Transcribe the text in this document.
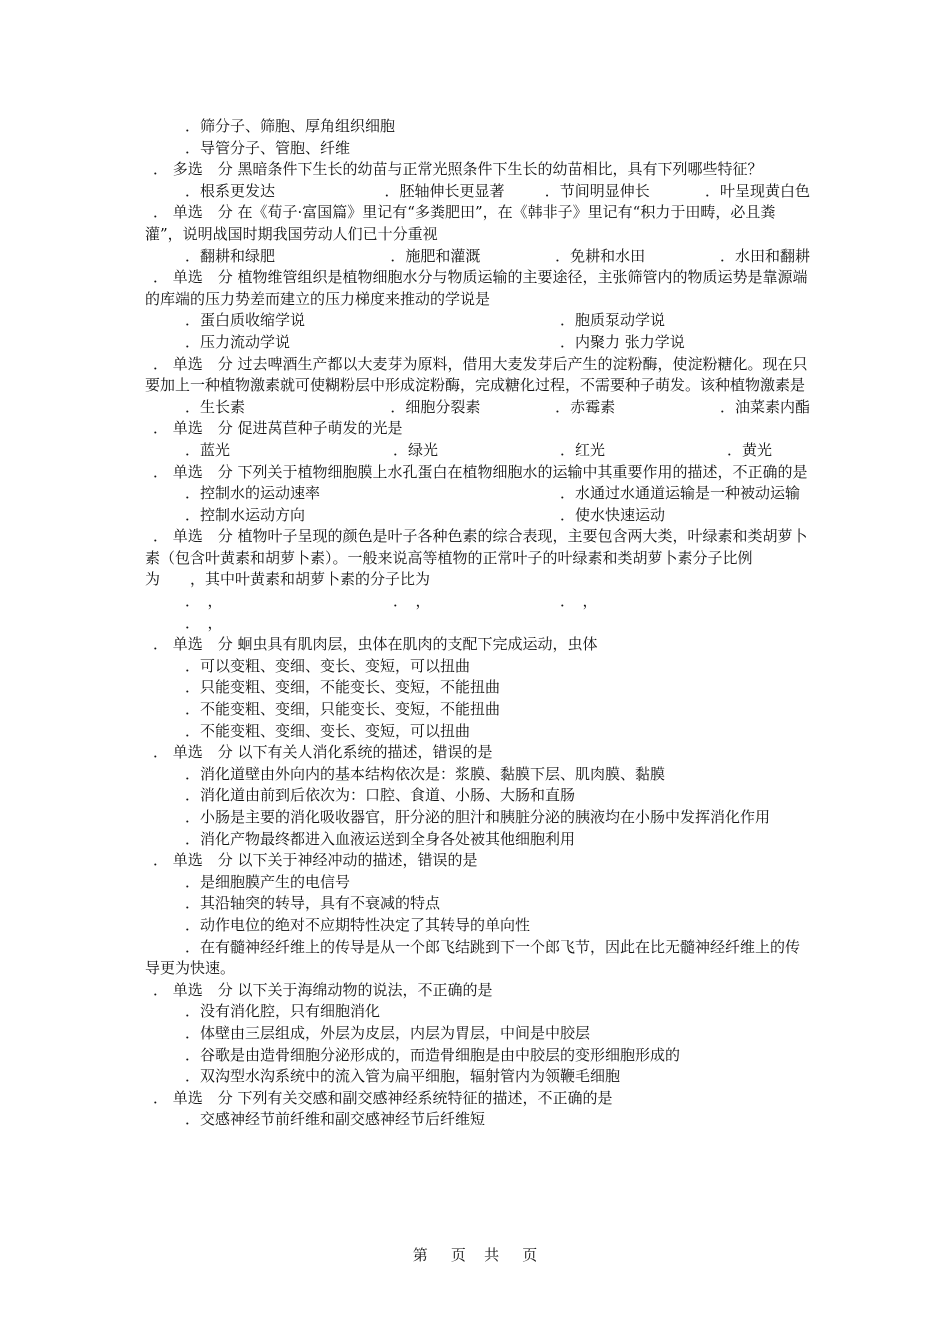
．筛分子、筛胞、厚角组织细胞
．导管分子、管胞、纤维
． 多选　分 黑暗条件下生长的幼苗与正常光照条件下生长的幼苗相比，具有下列哪些特征？
．根系更发达	．胚轴伸长更显著	．节间明显伸长	．叶呈现黄白色
． 单选　分 在《荀子·富国篇》里记有“多粪肥田”，在《韩非子》里记有“积力于田畴，必且粪灌”，说明战国时期我国劳动人们已十分重视
．翻耕和绿肥	．施肥和灌溉	．免耕和水田	．水田和翻耕
． 单选　分 植物维管组织是植物细胞水分与物质运输的主要途径，主张筛管内的物质运势是靠源端的库端的压力势差而建立的压力梯度来推动的学说是
．蛋白质收缩学说	．胞质泵动学说
．压力流动学说	．内聚力 张力学说
． 单选　分 过去啤酒生产都以大麦芽为原料，借用大麦发芽后产生的淀粉酶，使淀粉糖化。现在只要加上一种植物激素就可使糊粉层中形成淀粉酶，完成糖化过程，不需要种子萌发。该种植物激素是
．生长素	．细胞分裂素	．赤霉素	．油菜素内酯
． 单选　分 促进莴苣种子萌发的光是
．蓝光	．绿光	．红光	．黄光
． 单选　分 下列关于植物细胞膜上水孔蛋白在植物细胞水的运输中其重要作用的描述，不正确的是
．控制水的运动速率	．水通过水通道运输是一种被动运输
．控制水运动方向	．使水快速运动
． 单选　分 植物叶子呈现的颜色是叶子各种色素的综合表现，主要包含两大类，叶绿素和类胡萝卜素（包含叶黄素和胡萝卜素）。一般来说高等植物的正常叶子的叶绿素和类胡萝卜素分子比例为　　，其中叶黄素和胡萝卜素的分子比为
．　，	．　，	．　，
．　，
． 单选　分 蛔虫具有肌肉层，虫体在肌肉的支配下完成运动，虫体
．可以变粗、变细、变长、变短，可以扭曲
．只能变粗、变细，不能变长、变短，不能扭曲
．不能变粗、变细，只能变长、变短，不能扭曲
．不能变粗、变细、变长、变短，可以扭曲
． 单选　分 以下有关人消化系统的描述，错误的是
．消化道壁由外向内的基本结构依次是：浆膜、黏膜下层、肌肉膜、黏膜
．消化道由前到后依次为：口腔、食道、小肠、大肠和直肠
．小肠是主要的消化吸收器官，肝分泌的胆汁和胰脏分泌的胰液均在小肠中发挥消化作用
．消化产物最终都进入血液运送到全身各处被其他细胞利用
． 单选　分 以下关于神经冲动的描述，错误的是
．是细胞膜产生的电信号
．其沿轴突的转导，具有不衰减的特点
．动作电位的绝对不应期特性决定了其转导的单向性
．在有髓神经纤维上的传导是从一个郎飞结跳到下一个郎飞节，因此在比无髓神经纤维上的传导更为快速。
． 单选　分 以下关于海绵动物的说法，不正确的是
．没有消化腔，只有细胞消化
．体壁由三层组成，外层为皮层，内层为胃层，中间是中胶层
．谷歌是由造骨细胞分泌形成的，而造骨细胞是由中胶层的变形细胞形成的
．双沟型水沟系统中的流入管为扁平细胞，辐射管内为领鞭毛细胞
． 单选　分 下列有关交感和副交感神经系统特征的描述，不正确的是
．交感神经节前纤维和副交感神经节后纤维短
第 页 共 页
